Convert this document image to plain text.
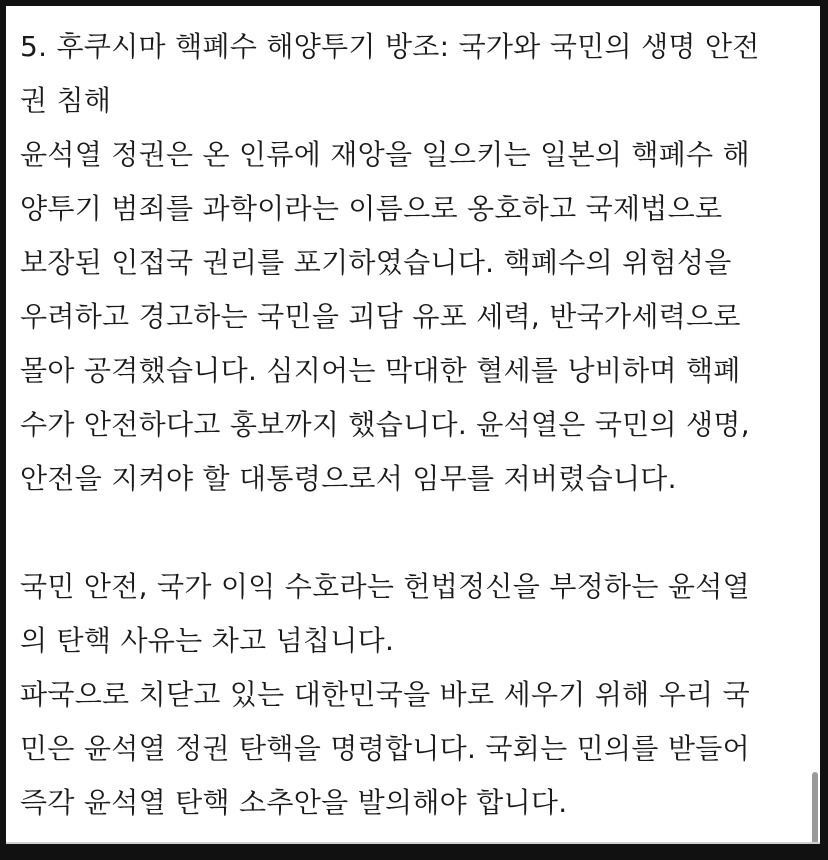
5. 후쿠시마 핵폐수 해양투기 방조: 국가와 국민의 생명 안전
권 침해
윤석열 정권은 온 인류에 재앙을 일으키는 일본의 핵폐수 해
양투기 범죄를 과학이라는 이름으로 옹호하고 국제법으로
보장된 인접국 권리를 포기하였습니다. 핵폐수의 위험성을
우려하고 경고하는 국민을 괴담 유포 세력, 반국가세력으로
몰아 공격했습니다. 심지어는 막대한 혈세를 낭비하며 핵폐
수가 안전하다고 홍보까지 했습니다. 윤석열은 국민의 생명,
안전을 지켜야 할 대통령으로서 임무를 저버렸습니다.
국민 안전, 국가 이익 수호라는 헌법정신을 부정하는 윤석열
의 탄핵 사유는 차고 넘칩니다.
파국으로 치닫고 있는 대한민국을 바로 세우기 위해 우리 국
민은 윤석열 정권 탄핵을 명령합니다. 국회는 민의를 받들어
즉각 윤석열 탄핵 소추안을 발의해야 합니다.
